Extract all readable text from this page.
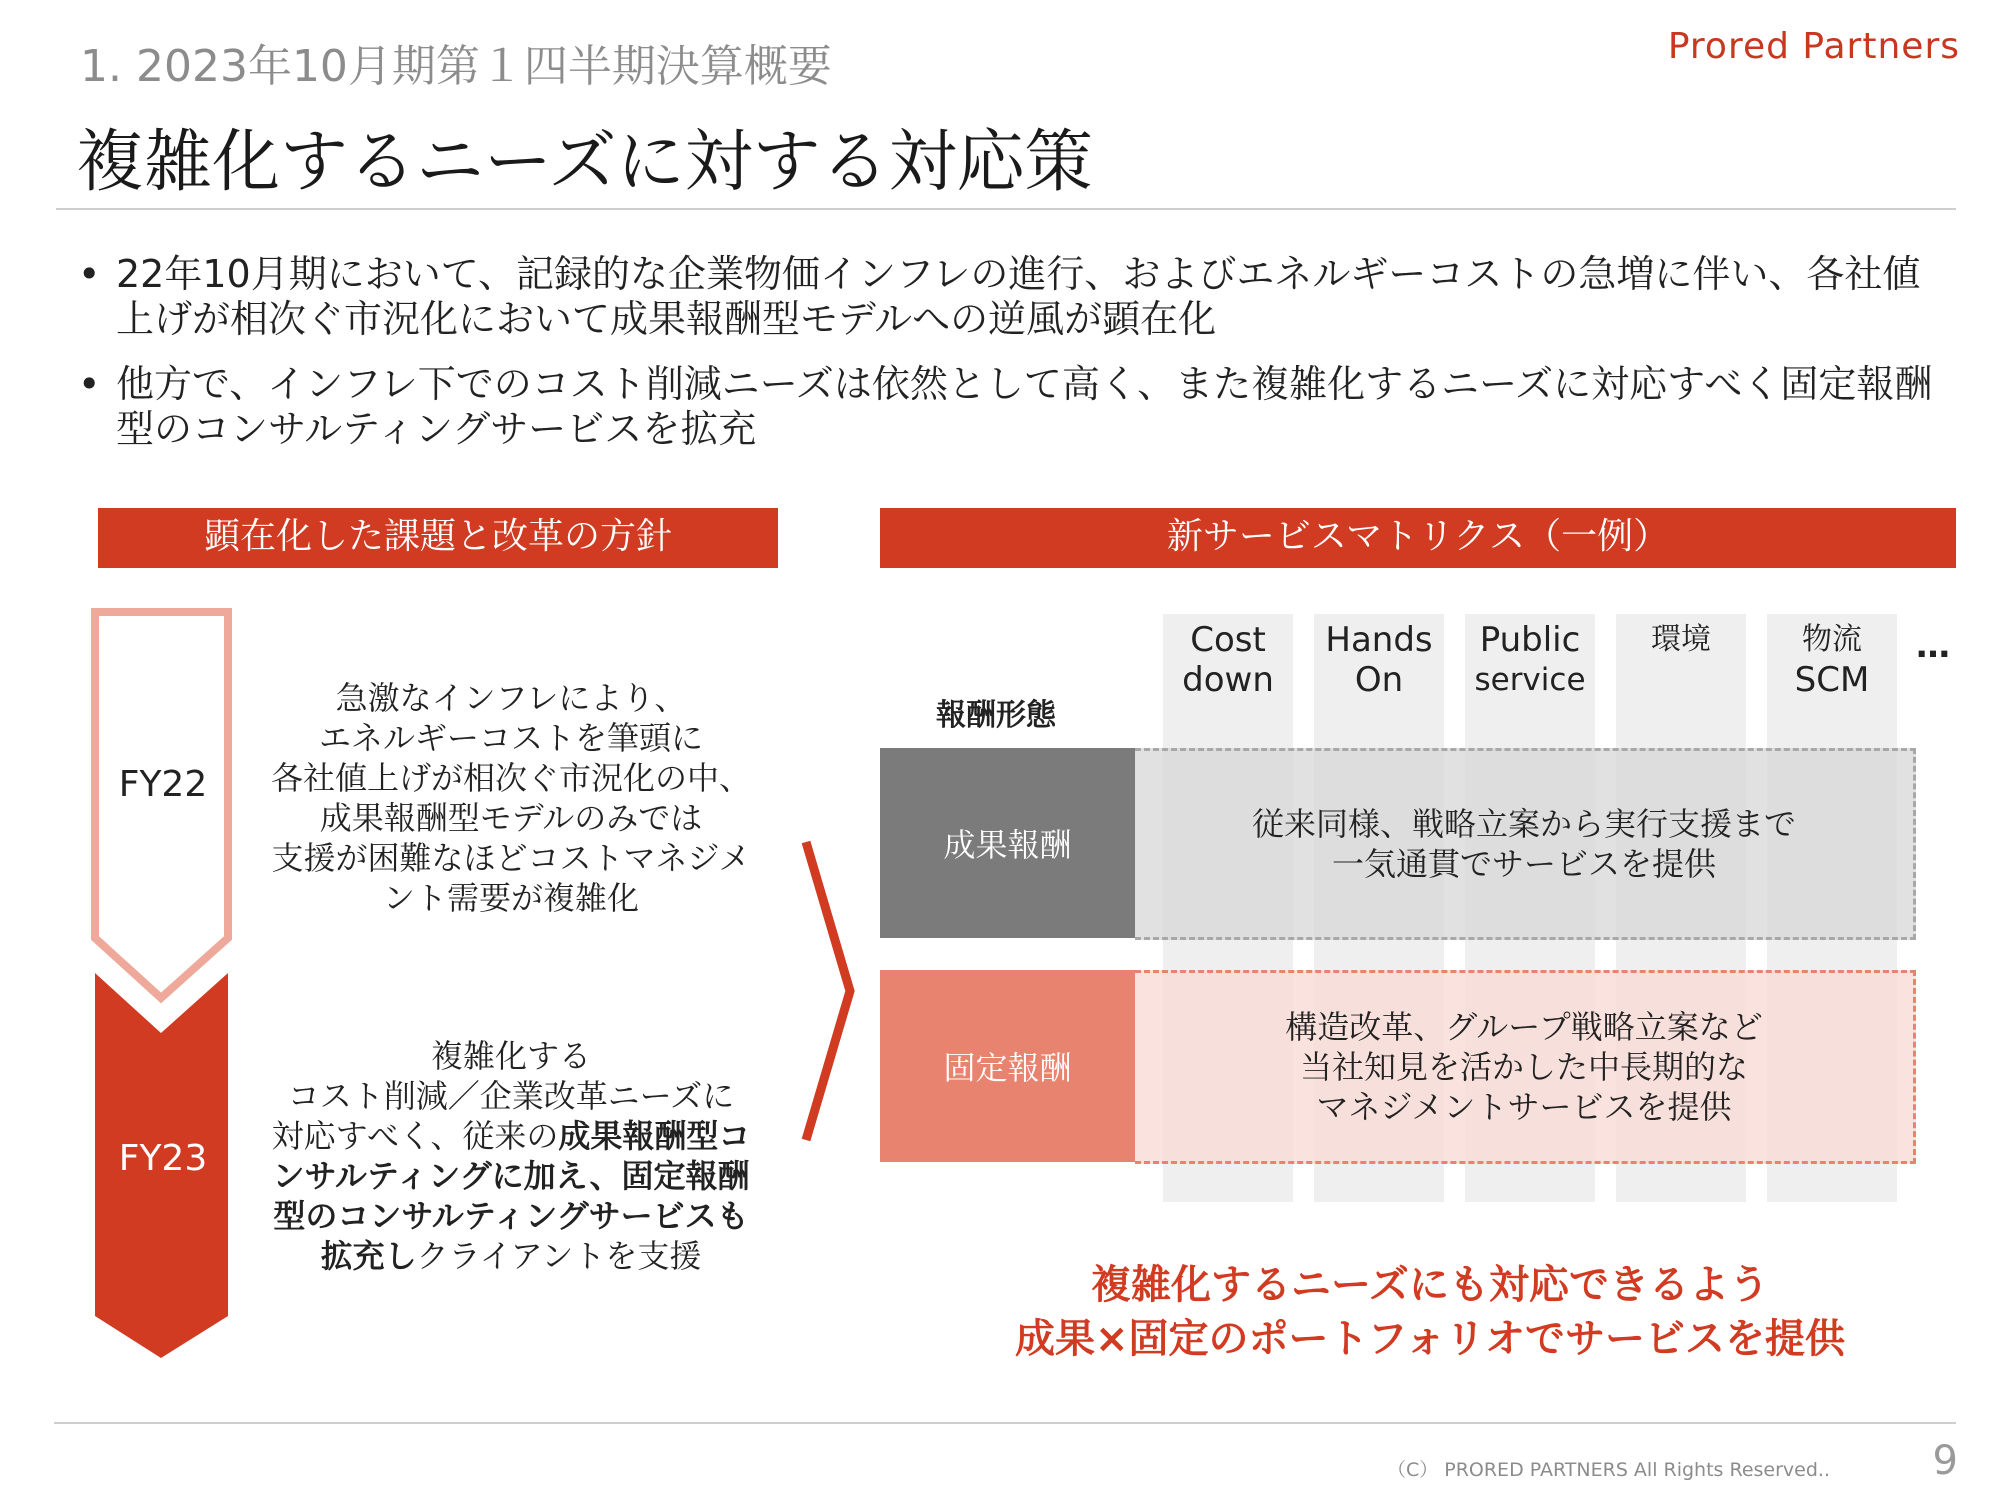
1. 2023年10月期第１四半期決算概要	Prored Partners
複雑化するニーズに対する対応策
• 22年10月期において、記録的な企業物価インフレの進行、およびエネルギーコストの急増に伴い、各社値上げが相次ぐ市況化において成果報酬型モデルへの逆風が顕在化
• 他方で、インフレ下でのコスト削減ニーズは依然として高く、また複雑化するニーズに対応すべく固定報酬型のコンサルティングサービスを拡充
顕在化した課題と改革の方針
FY22
FY23
急激なインフレにより、
エネルギーコストを筆頭に
各社値上げが相次ぐ市況化の中、
成果報酬型モデルのみでは
支援が困難なほどコストマネジメ
ント需要が複雑化
複雑化する
コスト削減／企業改革ニーズに
対応すべく、従来の成果報酬型コ
ンサルティングに加え、固定報酬
型のコンサルティングサービスも
拡充しクライアントを支援
新サービスマトリクス（一例）
Cost
down
Hands
On
Public
service
環境	物流
SCM
…
報酬形態
成果報酬
従来同様、戦略立案から実行支援まで
一気通貫でサービスを提供
固定報酬
構造改革、グループ戦略立案など
当社知見を活かした中長期的な
マネジメントサービスを提供
複雑化するニーズにも対応できるよう
成果×固定のポートフォリオでサービスを提供
（C） PRORED PARTNERS All Rights Reserved..	9
